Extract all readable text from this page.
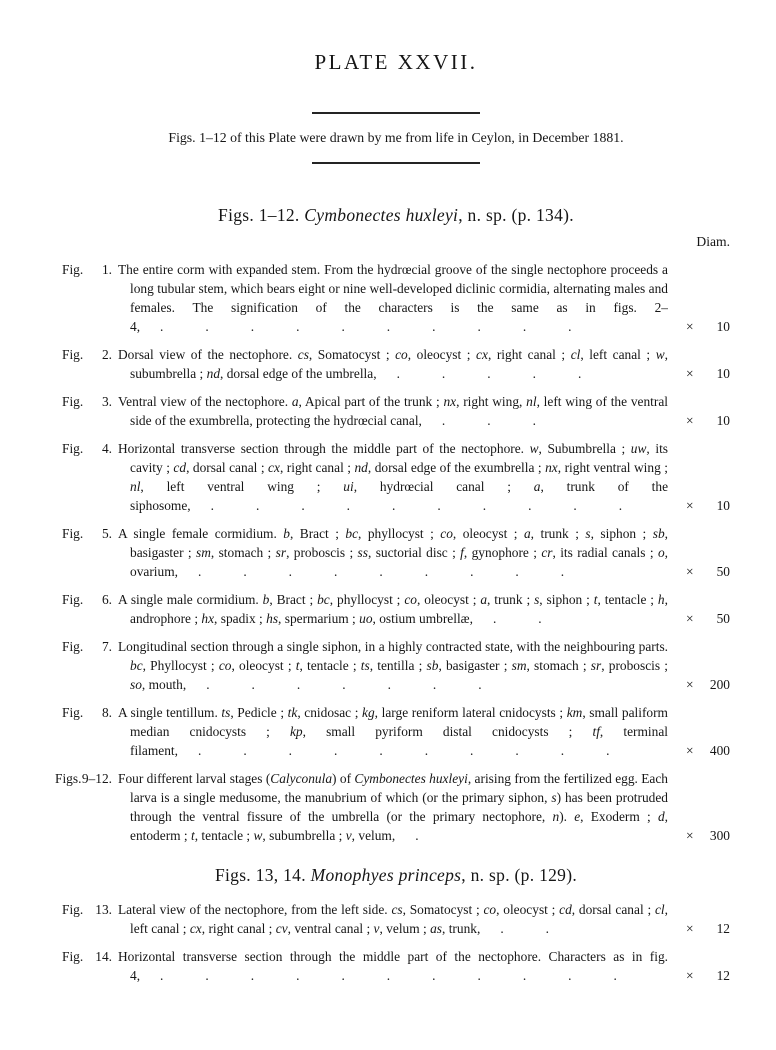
PLATE XXVII.

Figs. 1–12 of this Plate were drawn by me from life in Ceylon, in December 1881.

Figs. 1–12. Cymbonectes huxleyi, n. sp. (p. 134).
Diam.
Fig. 1. The entire corm with expanded stem. From the hydrœcial groove of the single nectophore proceeds a long tubular stem, which bears eight or nine well-developed diclinic cormidia, alternating males and females. The signification of the characters is the same as in figs. 2–4, ..........	× 10
Fig. 2. Dorsal view of the nectophore. cs, Somatocyst ; co, oleocyst ; cx, right canal ; cl, left canal ; w, subumbrella ; nd, dorsal edge of the umbrella, .....	× 10
Fig. 3. Ventral view of the nectophore. a, Apical part of the trunk ; nx, right wing, nl, left wing of the ventral side of the exumbrella, protecting the hydrœcial canal, ...	× 10
Fig. 4. Horizontal transverse section through the middle part of the nectophore. w, Subumbrella ; uw, its cavity ; cd, dorsal canal ; cx, right canal ; nd, dorsal edge of the exumbrella ; nx, right ventral wing ; nl, left ventral wing ; ui, hydrœcial canal ; a, trunk of the siphosome, .......... × 10
Fig. 5. A single female cormidium. b, Bract ; bc, phyllocyst ; co, oleocyst ; a, trunk ; s, siphon ; sb, basigaster ; sm, stomach ; sr, proboscis ; ss, suctorial disc ; f, gynophore ; cr, its radial canals ; o, ovarium, .........	× 50
Fig. 6. A single male cormidium. b, Bract ; bc, phyllocyst ; co, oleocyst ; a, trunk ; s, siphon ; t, tentacle ; h, androphore ; hx, spadix ; hs, spermarium ; uo, ostium umbrellæ, ..	× 50
Fig. 7. Longitudinal section through a single siphon, in a highly contracted state, with the neighbouring parts. bc, Phyllocyst ; co, oleocyst ; t, tentacle ; ts, tentilla ; sb, basigaster ; sm, stomach ; sr, proboscis ; so, mouth, .......	× 200
Fig. 8. A single tentillum. ts, Pedicle ; tk, cnidosac ; kg, large reniform lateral cnidocysts ; km, small paliform median cnidocysts ; kp, small pyriform distal cnidocysts ; tf, terminal filament, ..........	× 400
Figs. 9–12. Four different larval stages (Calyconula) of Cymbonectes huxleyi, arising from the fertilized egg. Each larva is a single medusome, the manubrium of which (or the primary siphon, s) has been protruded through the ventral fissure of the umbrella (or the primary nectophore, n). e, Exoderm ; d, entoderm ; t, tentacle ; w, subumbrella ; v, velum, .	× 300
Figs. 13, 14. Monophyes princeps, n. sp. (p. 129).
Fig. 13. Lateral view of the nectophore, from the left side. cs, Somatocyst ; co, oleocyst ; cd, dorsal canal ; cl, left canal ; cx, right canal ; cv, ventral canal ; v, velum ; as, trunk, ..	× 12
Fig. 14. Horizontal transverse section through the middle part of the nectophore. Characters as in fig. 4, ...........	× 12
